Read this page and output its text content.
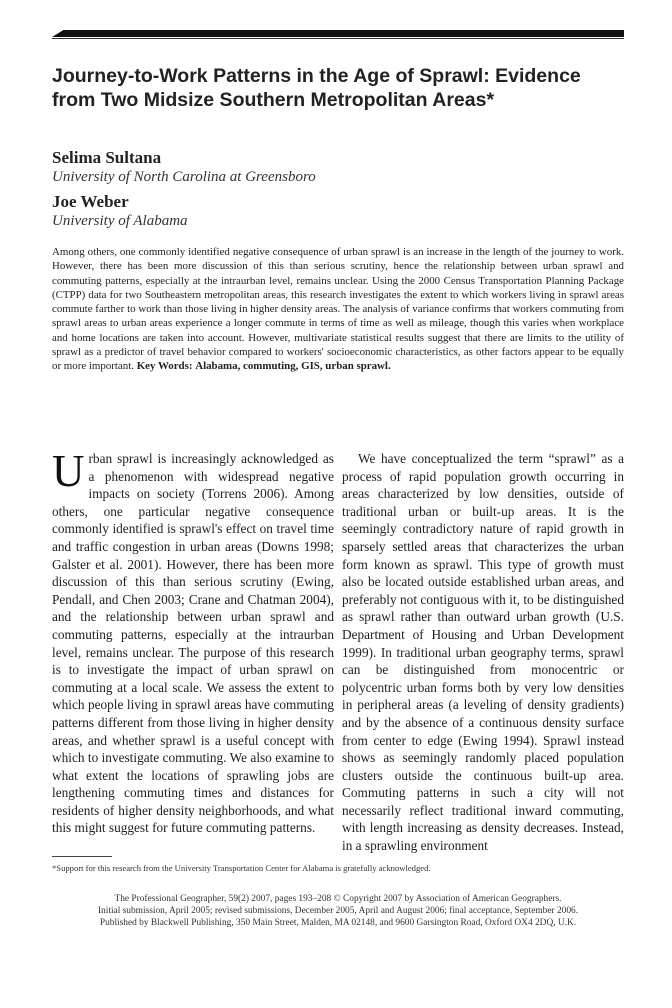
Journey-to-Work Patterns in the Age of Sprawl: Evidence from Two Midsize Southern Metropolitan Areas*
Selima Sultana
University of North Carolina at Greensboro
Joe Weber
University of Alabama
Among others, one commonly identified negative consequence of urban sprawl is an increase in the length of the journey to work. However, there has been more discussion of this than serious scrutiny, hence the relationship between urban sprawl and commuting patterns, especially at the intraurban level, remains unclear. Using the 2000 Census Transportation Planning Package (CTPP) data for two Southeastern metropolitan areas, this research investigates the extent to which workers living in sprawl areas commute farther to work than those living in higher density areas. The analysis of variance confirms that workers commuting from sprawl areas to urban areas experience a longer commute in terms of time as well as mileage, though this varies when workplace and home locations are taken into account. However, multivariate statistical results suggest that there are limits to the utility of sprawl as a predictor of travel behavior compared to workers' socioeconomic characteristics, as other factors appear to be equally or more important. Key Words: Alabama, commuting, GIS, urban sprawl.

Urban sprawl is increasingly acknowledged as a phenomenon with widespread negative impacts on society (Torrens 2006). Among others, one particular negative consequence commonly identified is sprawl's effect on travel time and traffic congestion in urban areas (Downs 1998; Galster et al. 2001). However, there has been more discussion of this than serious scrutiny (Ewing, Pendall, and Chen 2003; Crane and Chatman 2004), and the relationship between urban sprawl and commuting patterns, especially at the intraurban level, remains unclear. The purpose of this research is to investigate the impact of urban sprawl on commuting at a local scale. We assess the extent to which people living in sprawl areas have commuting patterns different from those living in higher density areas, and whether sprawl is a useful concept with which to investigate commuting. We also examine to what extent the locations of sprawling jobs are lengthening commuting times and distances for residents of higher density neighborhoods, and what this might suggest for future commuting patterns.

We have conceptualized the term “sprawl” as a process of rapid population growth occurring in areas characterized by low densities, outside of traditional urban or built-up areas. It is the seemingly contradictory nature of rapid growth in sparsely settled areas that characterizes the urban form known as sprawl. This type of growth must also be located outside established urban areas, and preferably not contiguous with it, to be distinguished as sprawl rather than outward urban growth (U.S. Department of Housing and Urban Development 1999). In traditional urban geography terms, sprawl can be distinguished from monocentric or polycentric urban forms both by very low densities in peripheral areas (a leveling of density gradients) and by the absence of a continuous density surface from center to edge (Ewing 1994). Sprawl instead shows as seemingly randomly placed population clusters outside the continuous built-up area. Commuting patterns in such a city will not necessarily reflect traditional inward commuting, with length increasing as density decreases. Instead, in a sprawling environment

*Support for this research from the University Transportation Center for Alabama is gratefully acknowledged.
The Professional Geographer, 59(2) 2007, pages 193–208 © Copyright 2007 by Association of American Geographers.
Initial submission, April 2005; revised submissions, December 2005, April and August 2006; final acceptance, September 2006.
Published by Blackwell Publishing, 350 Main Street, Malden, MA 02148, and 9600 Garsington Road, Oxford OX4 2DQ, U.K.
